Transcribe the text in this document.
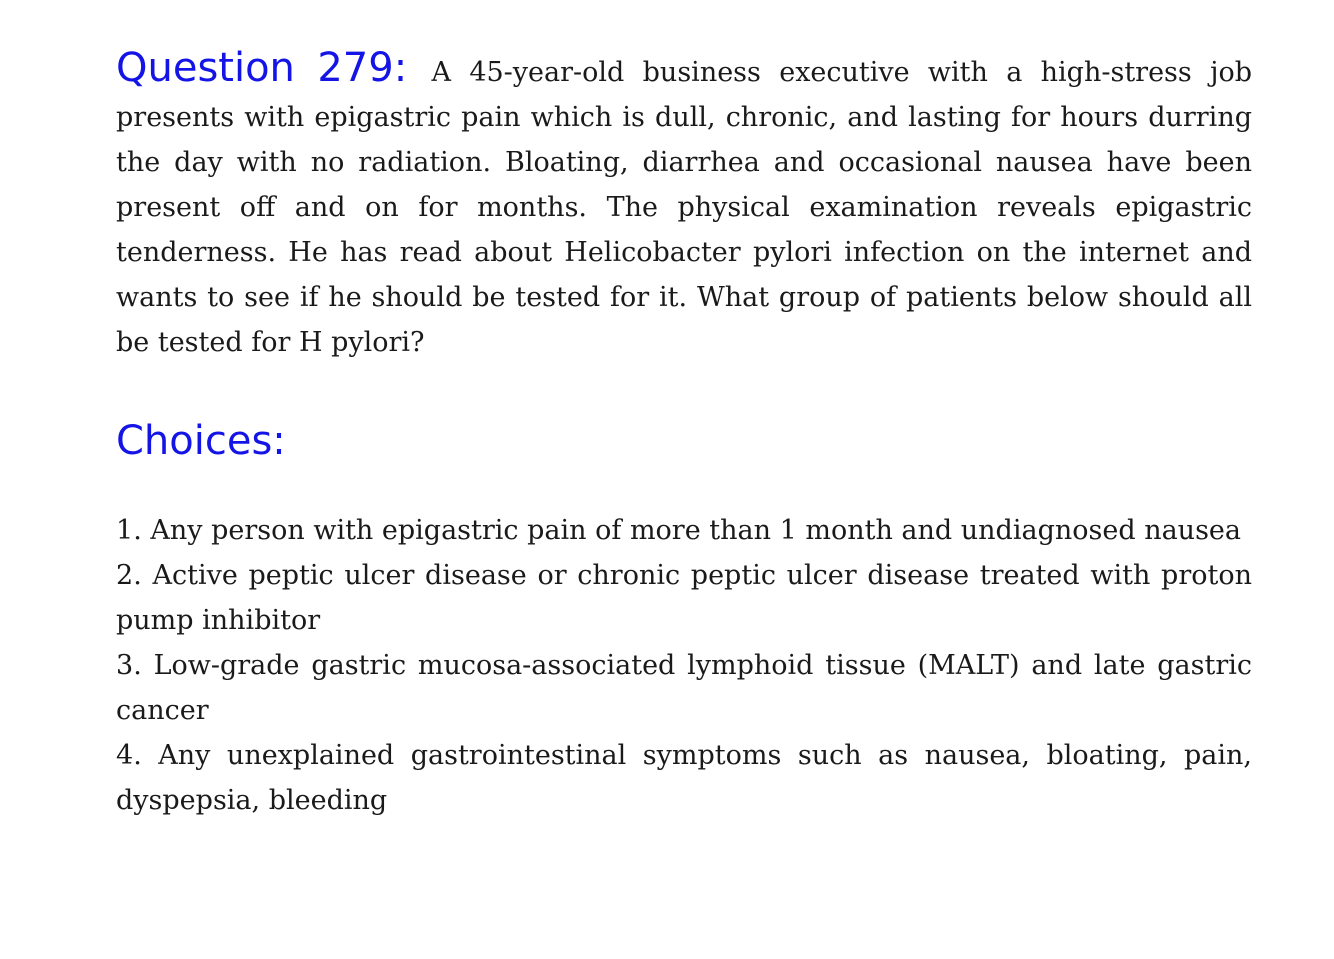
Question 279: A 45-year-old business executive with a high-stress job presents with epigastric pain which is dull, chronic, and lasting for hours durring the day with no radiation. Bloating, diarrhea and occasional nausea have been present off and on for months. The physical examination reveals epigastric tenderness. He has read about Helicobacter pylori infection on the internet and wants to see if he should be tested for it. What group of patients below should all be tested for H pylori?

Choices:
1 . Any person with epigastric pain of more than 1 month and undiagnosed nausea
2 . Active peptic ulcer disease or chronic peptic ulcer disease treated with proton pump inhibitor
3 . Low-grade gastric mucosa-associated lymphoid tissue (MALT) and late gastric cancer
4 . Any unexplained gastrointestinal symptoms such as nausea, bloating, pain, dyspepsia, bleeding
